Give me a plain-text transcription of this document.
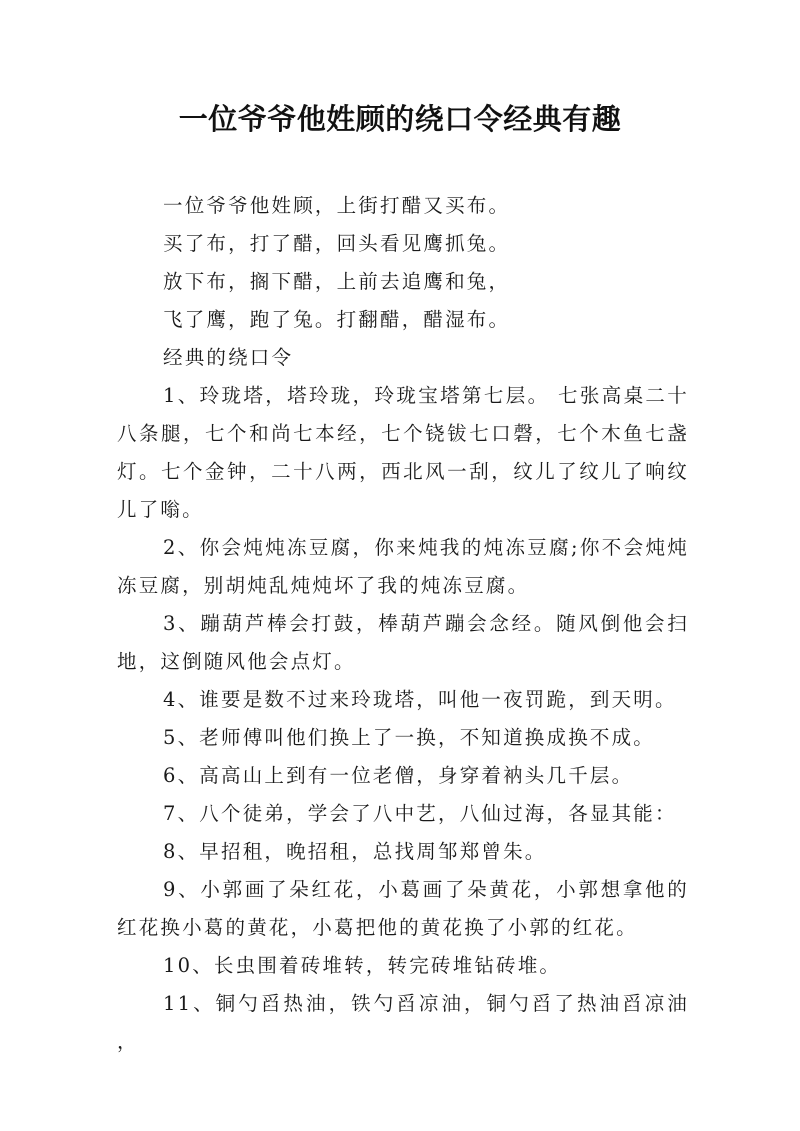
一位爷爷他姓顾的绕口令经典有趣

一位爷爷他姓顾，上街打醋又买布。

买了布，打了醋，回头看见鹰抓兔。

放下布，搁下醋，上前去追鹰和兔，

飞了鹰，跑了兔。打翻醋，醋湿布。

经典的绕口令

1、玲珑塔，塔玲珑，玲珑宝塔第七层。 七张高桌二十八条腿，七个和尚七本经，七个铙钹七口磬，七个木鱼七盏灯。七个金钟，二十八两，西北风一刮，纹儿了纹儿了响纹儿了嗡。

2、你会炖炖冻豆腐，你来炖我的炖冻豆腐;你不会炖炖冻豆腐，别胡炖乱炖炖坏了我的炖冻豆腐。

3、蹦葫芦棒会打鼓，棒葫芦蹦会念经。随风倒他会扫地，这倒随风他会点灯。

4、谁要是数不过来玲珑塔，叫他一夜罚跪，到天明。

5、老师傅叫他们换上了一换，不知道换成换不成。

6、高高山上到有一位老僧，身穿着衲头几千层。

7、八个徒弟，学会了八中艺，八仙过海，各显其能：

8、早招租，晚招租，总找周邹郑曾朱。

9、小郭画了朵红花，小葛画了朵黄花，小郭想拿他的红花换小葛的黄花，小葛把他的黄花换了小郭的红花。

10、长虫围着砖堆转，转完砖堆钻砖堆。

11、铜勺舀热油，铁勺舀凉油，铜勺舀了热油舀凉油，
